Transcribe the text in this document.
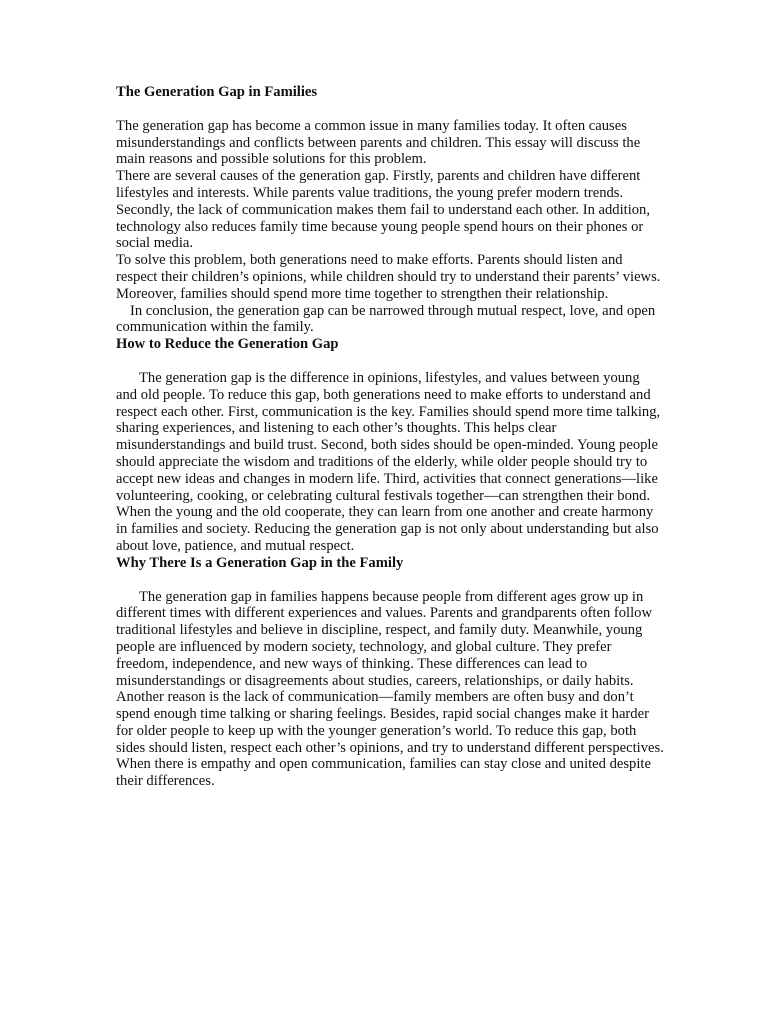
The Generation Gap in Families

The generation gap has become a common issue in many families today. It often causes misunderstandings and conflicts between parents and children. This essay will discuss the main reasons and possible solutions for this problem.

There are several causes of the generation gap. Firstly, parents and children have different lifestyles and interests. While parents value traditions, the young prefer modern trends. Secondly, the lack of communication makes them fail to understand each other. In addition, technology also reduces family time because young people spend hours on their phones or social media.

To solve this problem, both generations need to make efforts. Parents should listen and respect their children’s opinions, while children should try to understand their parents’ views. Moreover, families should spend more time together to strengthen their relationship.

In conclusion, the generation gap can be narrowed through mutual respect, love, and open communication within the family.

How to Reduce the Generation Gap

The generation gap is the difference in opinions, lifestyles, and values between young and old people. To reduce this gap, both generations need to make efforts to understand and respect each other. First, communication is the key. Families should spend more time talking, sharing experiences, and listening to each other’s thoughts. This helps clear misunderstandings and build trust. Second, both sides should be open-minded. Young people should appreciate the wisdom and traditions of the elderly, while older people should try to accept new ideas and changes in modern life. Third, activities that connect generations—like volunteering, cooking, or celebrating cultural festivals together—can strengthen their bond. When the young and the old cooperate, they can learn from one another and create harmony in families and society. Reducing the generation gap is not only about understanding but also about love, patience, and mutual respect.

Why There Is a Generation Gap in the Family

The generation gap in families happens because people from different ages grow up in different times with different experiences and values. Parents and grandparents often follow traditional lifestyles and believe in discipline, respect, and family duty. Meanwhile, young people are influenced by modern society, technology, and global culture. They prefer freedom, independence, and new ways of thinking. These differences can lead to misunderstandings or disagreements about studies, careers, relationships, or daily habits. Another reason is the lack of communication—family members are often busy and don’t spend enough time talking or sharing feelings. Besides, rapid social changes make it harder for older people to keep up with the younger generation’s world. To reduce this gap, both sides should listen, respect each other’s opinions, and try to understand different perspectives. When there is empathy and open communication, families can stay close and united despite their differences.
